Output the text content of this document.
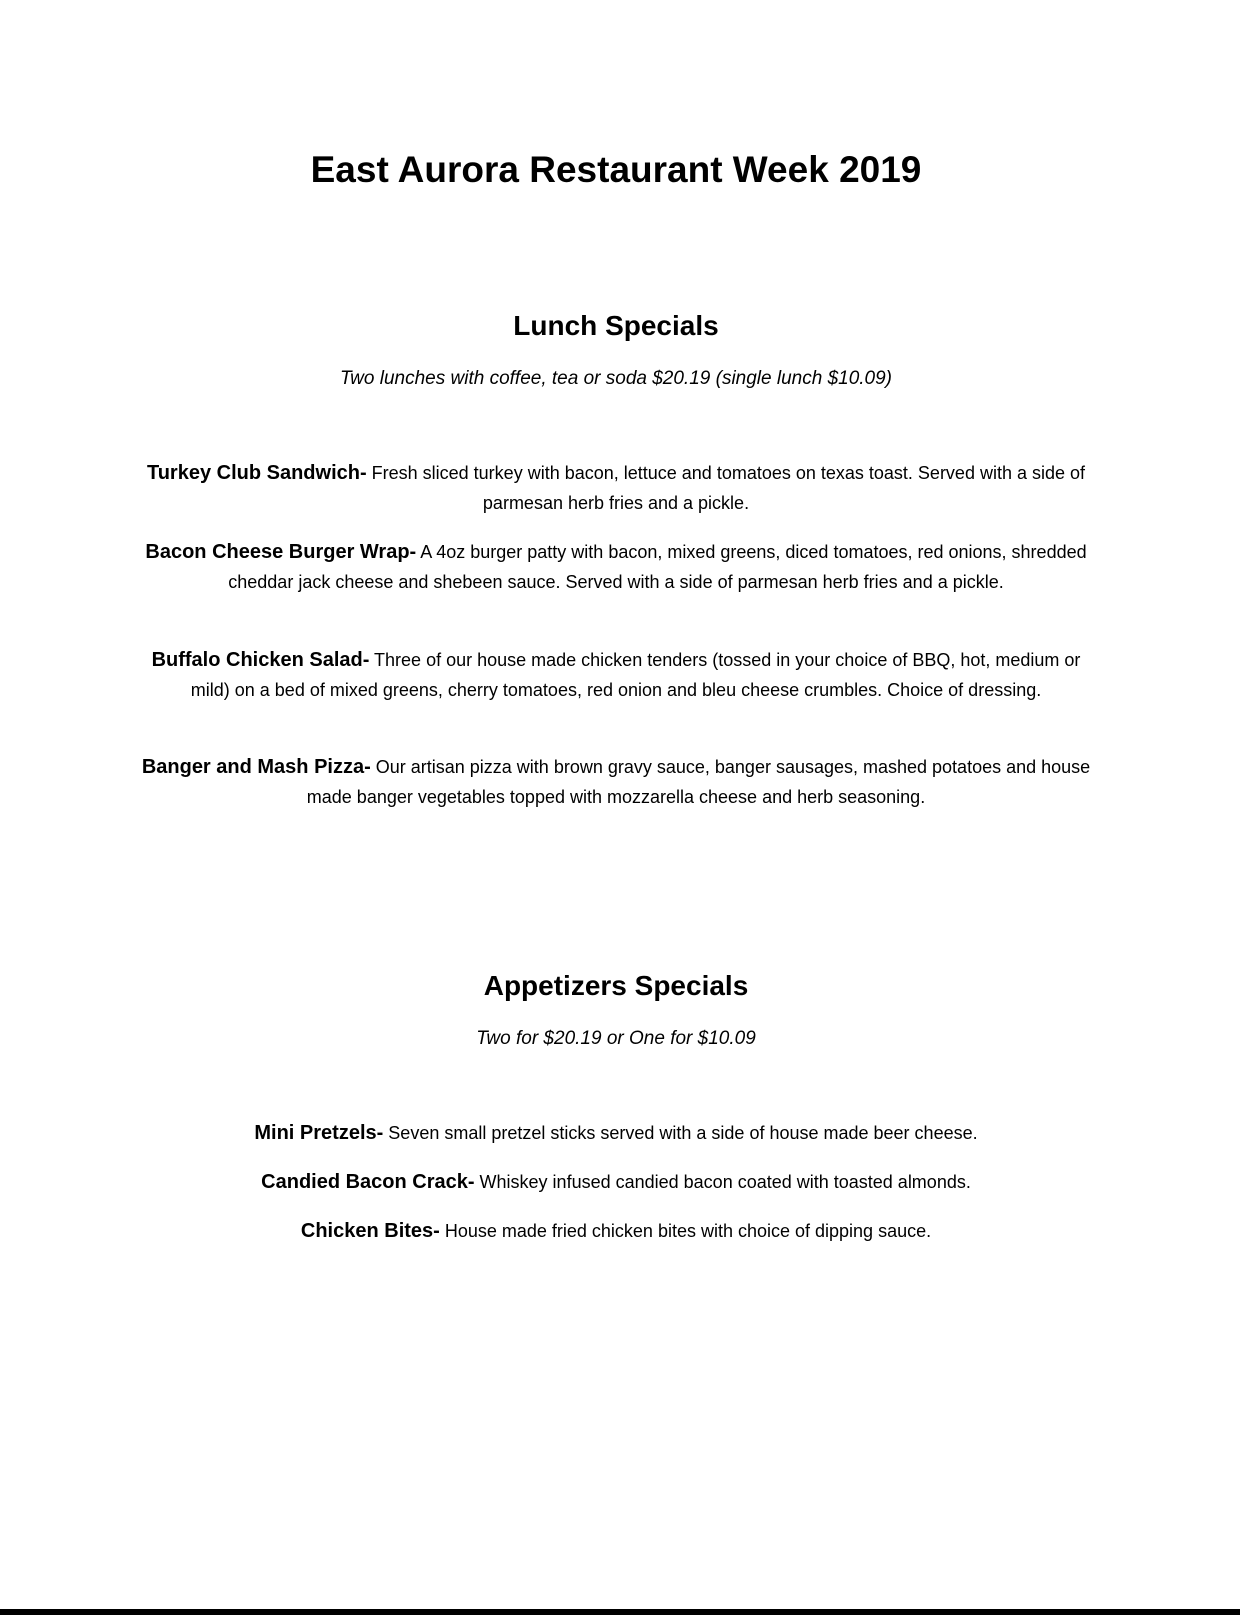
East Aurora Restaurant Week 2019
Lunch Specials

Two lunches with coffee, tea or soda $20.19 (single lunch $10.09)

Turkey Club Sandwich- Fresh sliced turkey with bacon, lettuce and tomatoes on texas toast. Served with a side of parmesan herb fries and a pickle.

Bacon Cheese Burger Wrap- A 4oz burger patty with bacon, mixed greens, diced tomatoes, red onions, shredded cheddar jack cheese and shebeen sauce. Served with a side of parmesan herb fries and a pickle.

Buffalo Chicken Salad- Three of our house made chicken tenders (tossed in your choice of BBQ, hot, medium or mild) on a bed of mixed greens, cherry tomatoes, red onion and bleu cheese crumbles. Choice of dressing.

Banger and Mash Pizza- Our artisan pizza with brown gravy sauce, banger sausages, mashed potatoes and house made banger vegetables topped with mozzarella cheese and herb seasoning.

Appetizers Specials

Two for $20.19 or One for $10.09

Mini Pretzels- Seven small pretzel sticks served with a side of house made beer cheese.

Candied Bacon Crack- Whiskey infused candied bacon coated with toasted almonds.

Chicken Bites- House made fried chicken bites with choice of dipping sauce.
